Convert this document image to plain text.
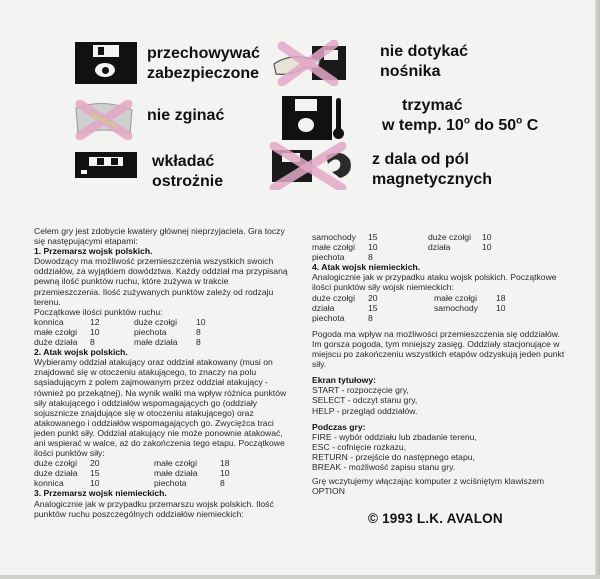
przechowywać
zabezpieczone
nie zginać
wkładać
ostrożnie
nie dotykać
nośnika
trzymać
w temp. 10$^o$ do 50$^o$ C
z dala od pól
magnetycznych

Celem gry jest zdobycie kwatery głównej nieprzyjaciela. Gra toczy się następującymi etapami:

1. Przemarsz wojsk polskich.

Dowodzący ma możliwość przemieszczenia wszystkich swoich oddziałów, za wyjątkiem dowództwa. Każdy oddział ma przypisaną pewną ilość punktów ruchu, które zużywa w trakcie przemieszczenia. Ilość zużywanych punktów zależy od rodzaju terenu.

Początkowe ilości punktów ruchu:

konnica	12	duże czołgi	10
małe czołgi	10	piechota	8
duże działa	8	małe działa	8

2. Atak wojsk polskich.

Wybieramy oddział atakujący oraz oddział atakowany (musi on znajdować się w otoczeniu atakującego, to znaczy na polu sąsiadującym z polem zajmowanym przez oddział atakujący - również po przekątnej). Na wynik walki ma wpływ różnica punktów siły atakującego i oddziałów wspomagających go (oddziały sojusznicze znajdujące się w otoczeniu atakującego) oraz atakowanego i oddziałów wspomagających go. Zwyciężca traci jeden punkt siły. Oddział atakujący nie może ponownie atakować, ani wspierać w walce, aż do zakończenia tego etapu. Początkowe ilości punktów siły:

duże czołgi	20	małe czołgi	18
duże działa	15	małe działa	10
konnica	10	piechota	8

3. Przemarsz wojsk niemieckich.

Analogicznie jak w przypadku przemarszu wojsk polskich. Ilość punktów ruchu poszczególnych oddziałów niemieckich:

samochody	15	duże czołgi	10
małe czołgi	10	działa	10
piechota	8

4. Atak wojsk niemieckich.

Analogicznie jak w przypadku ataku wojsk polskich. Początkowe ilości punktów siły wojsk niemieckich:

duże czołgi	20	małe czołgi	18
działa	15	samochody	10
piechota	8

Pogoda ma wpływ na możliwości przemieszczenia się oddziałów. Im gorsza pogoda, tym mniejszy zasięg. Oddziały stacjonujące w miejscu po zakończeniu wszystkich etapów odzyskują jeden punkt siły.

Ekran tytułowy:

START - rozpoczęcie gry,

SELECT - odczyt stanu gry,

HELP - przegląd oddziałów.

Podczas gry:

FIRE - wybór oddziału lub zbadanie terenu,

ESC - cofnięcie rozkazu,

RETURN - przejście do następnego etapu,

BREAK - możliwość zapisu stanu gry.

Grę wczytujemy włączając komputer z wciśniętym klawiszem OPTION

© 1993 L.K. AVALON
